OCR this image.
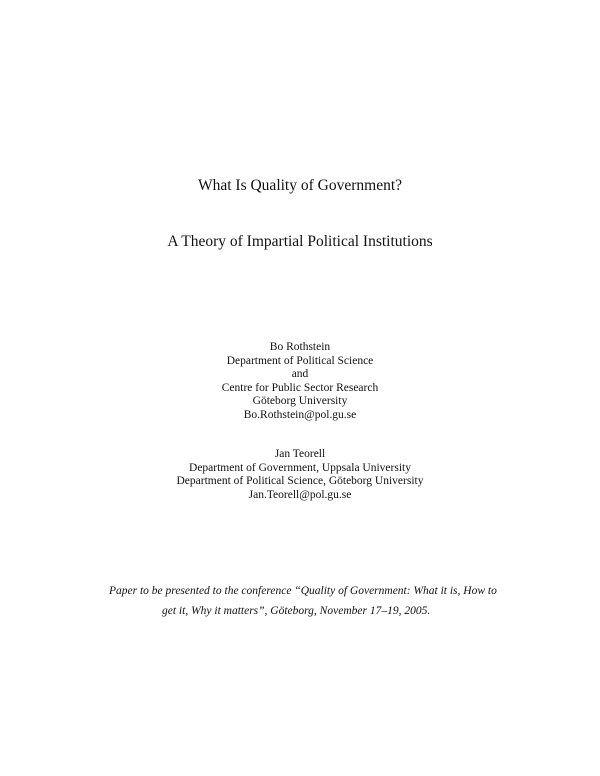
What Is Quality of Government?
A Theory of Impartial Political Institutions
Bo Rothstein
Department of Political Science
and
Centre for Public Sector Research
Göteborg University
Bo.Rothstein@pol.gu.se
Jan Teorell
Department of Government, Uppsala University
Department of Political Science, Göteborg University
Jan.Teorell@pol.gu.se
Paper to be presented to the conference “Quality of Government: What it is, How to
get it, Why it matters”, Göteborg, November 17–19, 2005.
